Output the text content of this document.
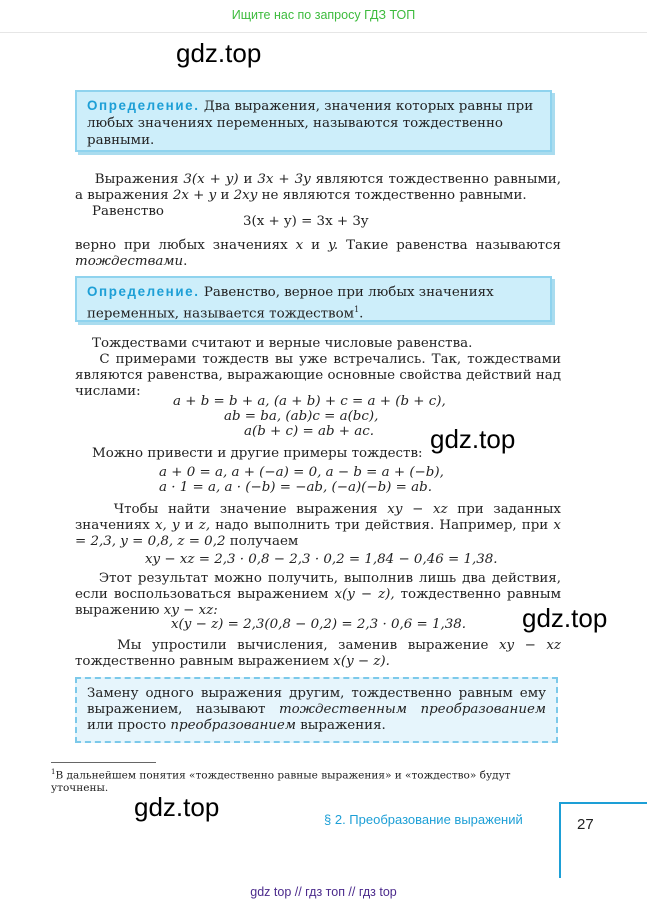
Ищите нас по запросу ГДЗ ТОП
gdz.top
Определение. Два выражения, значения которых равны при любых значениях переменных, называются тождественно равными.
Выражения 3(x + y) и 3x + 3y являются тождественно равными, а выражения 2x + y и 2xy не являются тождественно равными.
Равенство
3(x + y) = 3x + 3y
верно при любых значениях x и y. Такие равенства называются тождествами.
Определение. Равенство, верное при любых значениях переменных, называется тождеством$^1$.
Тождествами считают и верные числовые равенства.
С примерами тождеств вы уже встречались. Так, тождествами являются равенства, выражающие основные свойства действий над числами:
a + b = b + a, (a + b) + c = a + (b + c),
ab = ba, (ab)c = a(bc),
a(b + c) = ab + ac. gdz.top
Можно привести и другие примеры тождеств:
a + 0 = a, a + (−a) = 0, a − b = a + (−b),
a · 1 = a, a · (−b) = −ab, (−a)(−b) = ab.
Чтобы найти значение выражения xy − xz при заданных значениях x, y и z, надо выполнить три действия. Например, при x = 2,3, y = 0,8, z = 0,2 получаем
xy − xz = 2,3 · 0,8 − 2,3 · 0,2 = 1,84 − 0,46 = 1,38.
Этот результат можно получить, выполнив лишь два действия, если воспользоваться выражением x(y − z), тождественно равным выражению xy − xz:
x(y − z) = 2,3(0,8 − 0,2) = 2,3 · 0,6 = 1,38. gdz.top
Мы упростили вычисления, заменив выражение xy − xz тождественно равным выражением x(y − z).
Замену одного выражения другим, тождественно равным ему выражением, называют тождественным преобразованием или просто преобразованием выражения.
$^1$В дальнейшем понятия «тождественно равные выражения» и «тождество» будут уточнены.
gdz.top	§ 2. Преобразование выражений	27
gdz top // гдз топ // гдз top
